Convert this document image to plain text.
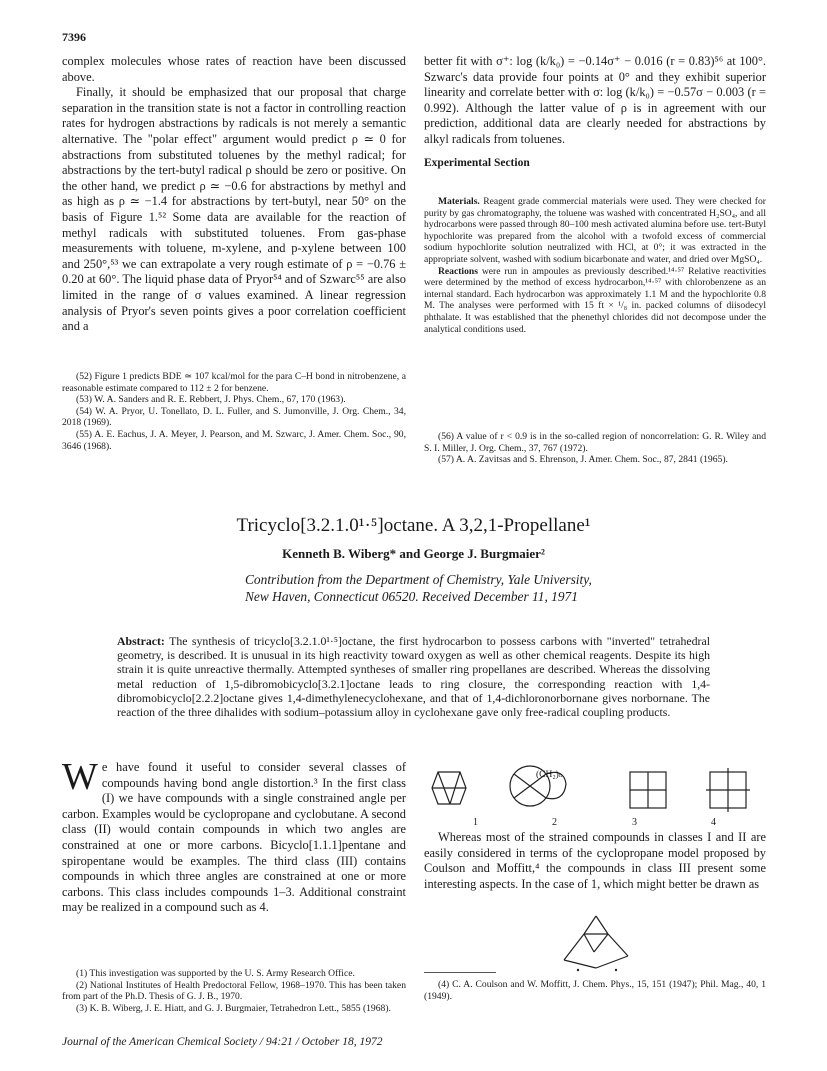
7396

complex molecules whose rates of reaction have been discussed above.

Finally, it should be emphasized that our proposal that charge separation in the transition state is not a factor in controlling reaction rates for hydrogen abstractions by radicals is not merely a semantic alternative. The "polar effect" argument would predict ρ ≃ 0 for abstractions from substituted toluenes by the methyl radical; for abstractions by the tert-butyl radical ρ should be zero or positive. On the other hand, we predict ρ ≃ −0.6 for abstractions by methyl and as high as ρ ≃ −1.4 for abstractions by tert-butyl, near 50° on the basis of Figure 1.⁵² Some data are available for the reaction of methyl radicals with substituted toluenes. From gas-phase measurements with toluene, m-xylene, and p-xylene between 100 and 250°,⁵³ we can extrapolate a very rough estimate of ρ = −0.76 ± 0.20 at 60°. The liquid phase data of Pryor⁵⁴ and of Szwarc⁵⁵ are also limited in the range of σ values examined. A linear regression analysis of Pryor's seven points gives a poor correlation coefficient and a

(52) Figure 1 predicts BDE ≃ 107 kcal/mol for the para C–H bond in nitrobenzene, a reasonable estimate compared to 112 ± 2 for benzene.

(53) W. A. Sanders and R. E. Rebbert, J. Phys. Chem., 67, 170 (1963).

(54) W. A. Pryor, U. Tonellato, D. L. Fuller, and S. Jumonville, J. Org. Chem., 34, 2018 (1969).

(55) A. E. Eachus, J. A. Meyer, J. Pearson, and M. Szwarc, J. Amer. Chem. Soc., 90, 3646 (1968).

better fit with σ⁺: log (k/k₀) = −0.14σ⁺ − 0.016 (r = 0.83)⁵⁶ at 100°. Szwarc's data provide four points at 0° and they exhibit superior linearity and correlate better with σ: log (k/k₀) = −0.57σ − 0.003 (r = 0.992). Although the latter value of ρ is in agreement with our prediction, additional data are clearly needed for abstractions by alkyl radicals from toluenes.

Experimental Section

Materials. Reagent grade commercial materials were used. They were checked for purity by gas chromatography, the toluene was washed with concentrated H₂SO₄, and all hydrocarbons were passed through 80–100 mesh activated alumina before use. tert-Butyl hypochlorite was prepared from the alcohol with a twofold excess of commercial sodium hypochlorite solution neutralized with HCl, at 0°; it was extracted in the appropriate solvent, washed with sodium bicarbonate and water, and dried over MgSO₄.

Reactions were run in ampoules as previously described.¹⁴·⁵⁷ Relative reactivities were determined by the method of excess hydrocarbon,¹⁴·⁵⁷ with chlorobenzene as an internal standard. Each hydrocarbon was approximately 1.1 M and the hypochlorite 0.8 M. The analyses were performed with 15 ft × ¹/₈ in. packed columns of diisodecyl phthalate. It was established that the phenethyl chlorides did not decompose under the analytical conditions used.

(56) A value of r < 0.9 is in the so-called region of noncorrelation: G. R. Wiley and S. I. Miller, J. Org. Chem., 37, 767 (1972).

(57) A. A. Zavitsas and S. Ehrenson, J. Amer. Chem. Soc., 87, 2841 (1965).

Tricyclo[3.2.1.0¹·⁵]octane. A 3,2,1-Propellane¹
Kenneth B. Wiberg* and George J. Burgmaier²
Contribution from the Department of Chemistry, Yale University,
New Haven, Connecticut 06520. Received December 11, 1971
Abstract: The synthesis of tricyclo[3.2.1.0¹·⁵]octane, the first hydrocarbon to possess carbons with "inverted" tetrahedral geometry, is described. It is unusual in its high reactivity toward oxygen as well as other chemical reagents. Despite its high strain it is quite unreactive thermally. Attempted syntheses of smaller ring propellanes are described. Whereas the dissolving metal reduction of 1,5-dibromobicyclo[3.2.1]octane leads to ring closure, the corresponding reaction with 1,4-dibromobicyclo[2.2.2]octane gives 1,4-dimethylenecyclohexane, and that of 1,4-dichloronorbornane gives norbornane. The reaction of the three dihalides with sodium–potassium alloy in cyclohexane gave only free-radical coupling products.
We have found it useful to consider several classes of compounds having bond angle distortion.³ In the first class (I) we have compounds with a single constrained angle per carbon. Examples would be cyclopropane and cyclobutane. A second class (II) would contain compounds in which two angles are constrained at one or more carbons. Bicyclo[1.1.1]pentane and spiropentane would be examples. The third class (III) contains compounds in which three angles are constrained at one or more carbons. This class includes compounds 1–3. Additional constraint may be realized in a compound such as 4.
(1) This investigation was supported by the U. S. Army Research Office.
(2) National Institutes of Health Predoctoral Fellow, 1968–1970. This has been taken from part of the Ph.D. Thesis of G. J. B., 1970.
(3) K. B. Wiberg, J. E. Hiatt, and G. J. Burgmaier, Tetrahedron Lett., 5855 (1968).
(CH₂)ₙ
1	2	3	4

Whereas most of the strained compounds in classes I and II are easily considered in terms of the cyclopropane model proposed by Coulson and Moffitt,⁴ the compounds in class III present some interesting aspects. In the case of 1, which might better be drawn as

(4) C. A. Coulson and W. Moffitt, J. Chem. Phys., 15, 151 (1947); Phil. Mag., 40, 1 (1949).
Journal of the American Chemical Society / 94:21 / October 18, 1972
